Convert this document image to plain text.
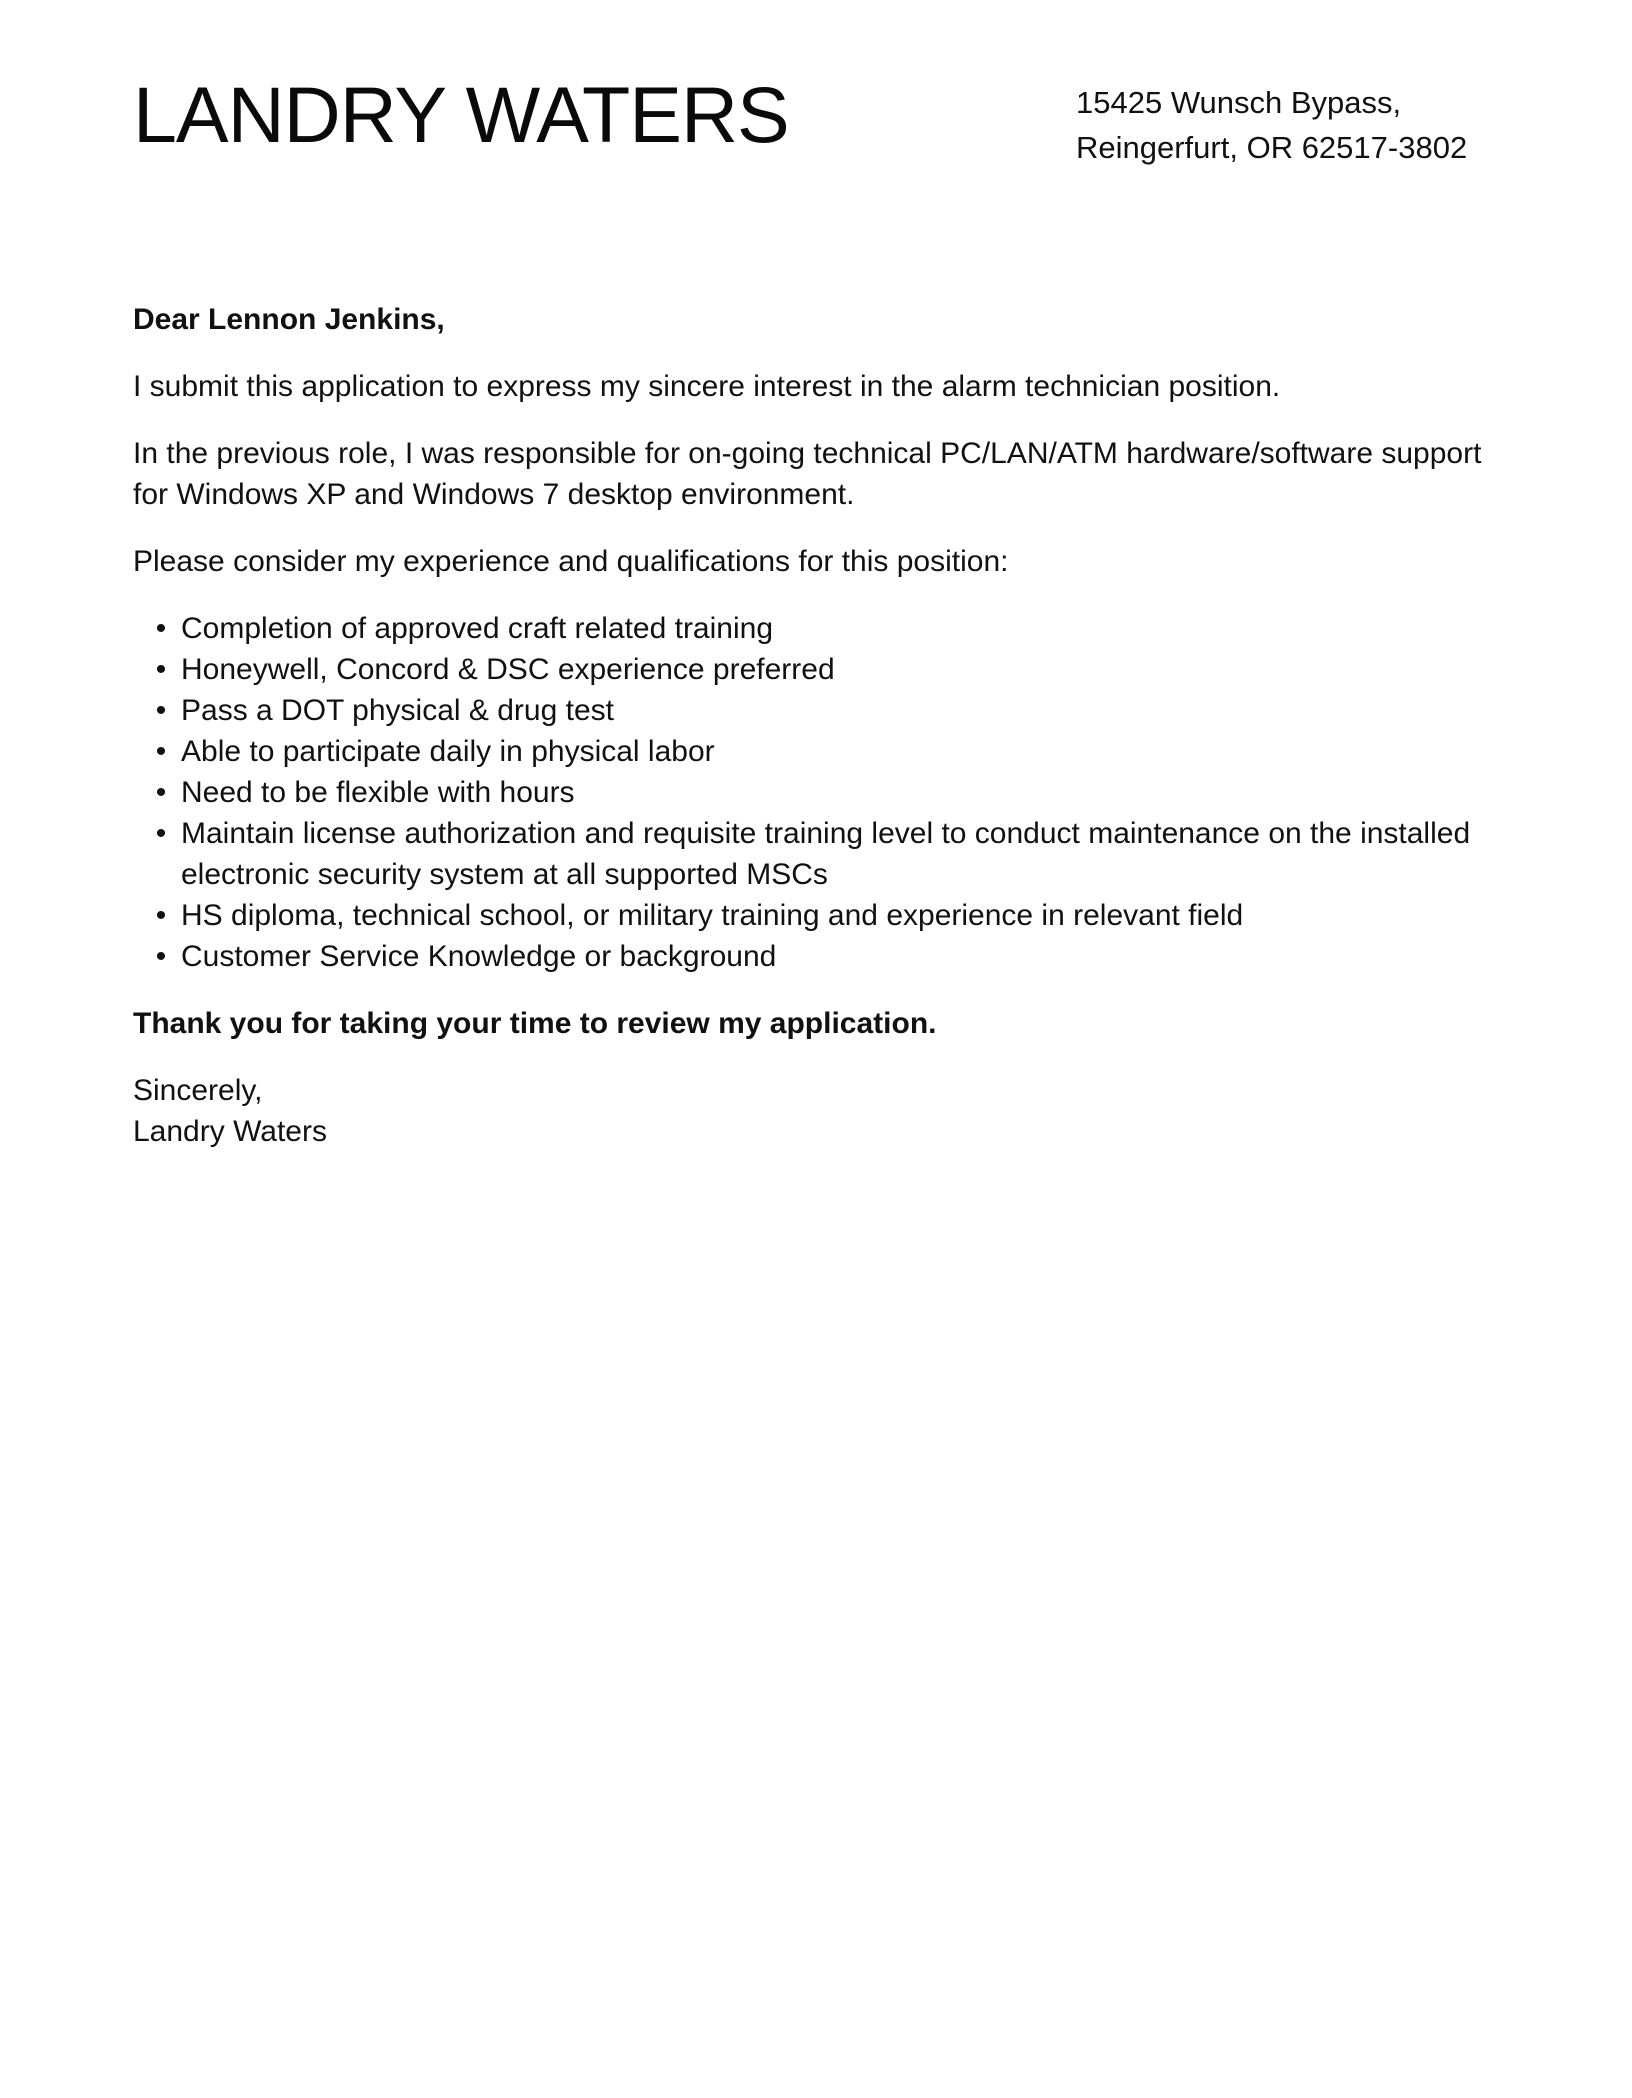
LANDRY WATERS	15425 Wunsch Bypass,
Reingerfurt, OR 62517-3802

Dear Lennon Jenkins,

I submit this application to express my sincere interest in the alarm technician position.

In the previous role, I was responsible for on-going technical PC/LAN/ATM hardware/software support for Windows XP and Windows 7 desktop environment.

Please consider my experience and qualifications for this position:

• Completion of approved craft related training
• Honeywell, Concord & DSC experience preferred
• Pass a DOT physical & drug test
• Able to participate daily in physical labor
• Need to be flexible with hours
• Maintain license authorization and requisite training level to conduct maintenance on the installed electronic security system at all supported MSCs
• HS diploma, technical school, or military training and experience in relevant field
• Customer Service Knowledge or background

Thank you for taking your time to review my application.

Sincerely,
Landry Waters
